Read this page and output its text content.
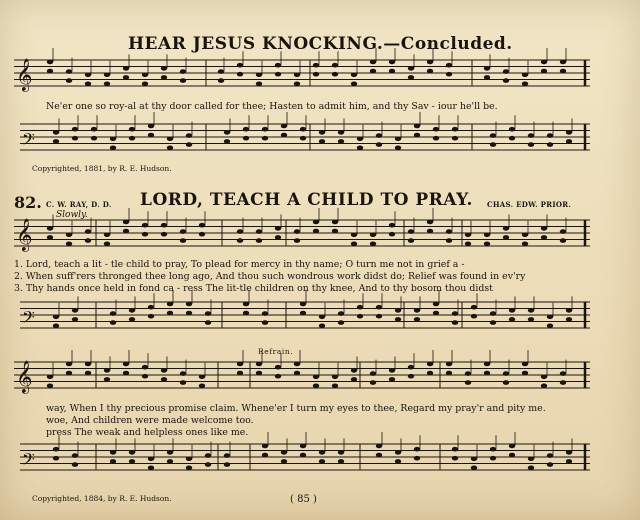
𝄞
𝄢
𝄞
𝄢
𝄞
𝄢
HEAR JESUS KNOCKING.—Concluded.
Ne'er one so roy-al at thy door called for thee; Hasten to admit him, and thy Sav - iour he'll be.
Copyrighted, 1881, by R. E. Hudson.
82. C. W. RAY, D. D. LORD, TEACH A CHILD TO PRAY. CHAS. EDW. PRIOR.
Slowly.
1. Lord, teach a lit - tle child to pray, To plead for mercy in thy name; O turn me not in grief a -
2. When suff'rers thronged thee long ago, And thou such wondrous work didst do; Relief was found in ev'ry
3. Thy hands once held in fond ca - ress The lit-tle children on thy knee, And to thy bosom thou didst
Refrain.
way, When I thy precious promise claim. Whene'er I turn my eyes to thee, Regard my pray'r and pity me.
woe, And children were made welcome too.
press The weak and helpless ones like me.
Copyrighted, 1884, by R. E. Hudson.	( 85 )
